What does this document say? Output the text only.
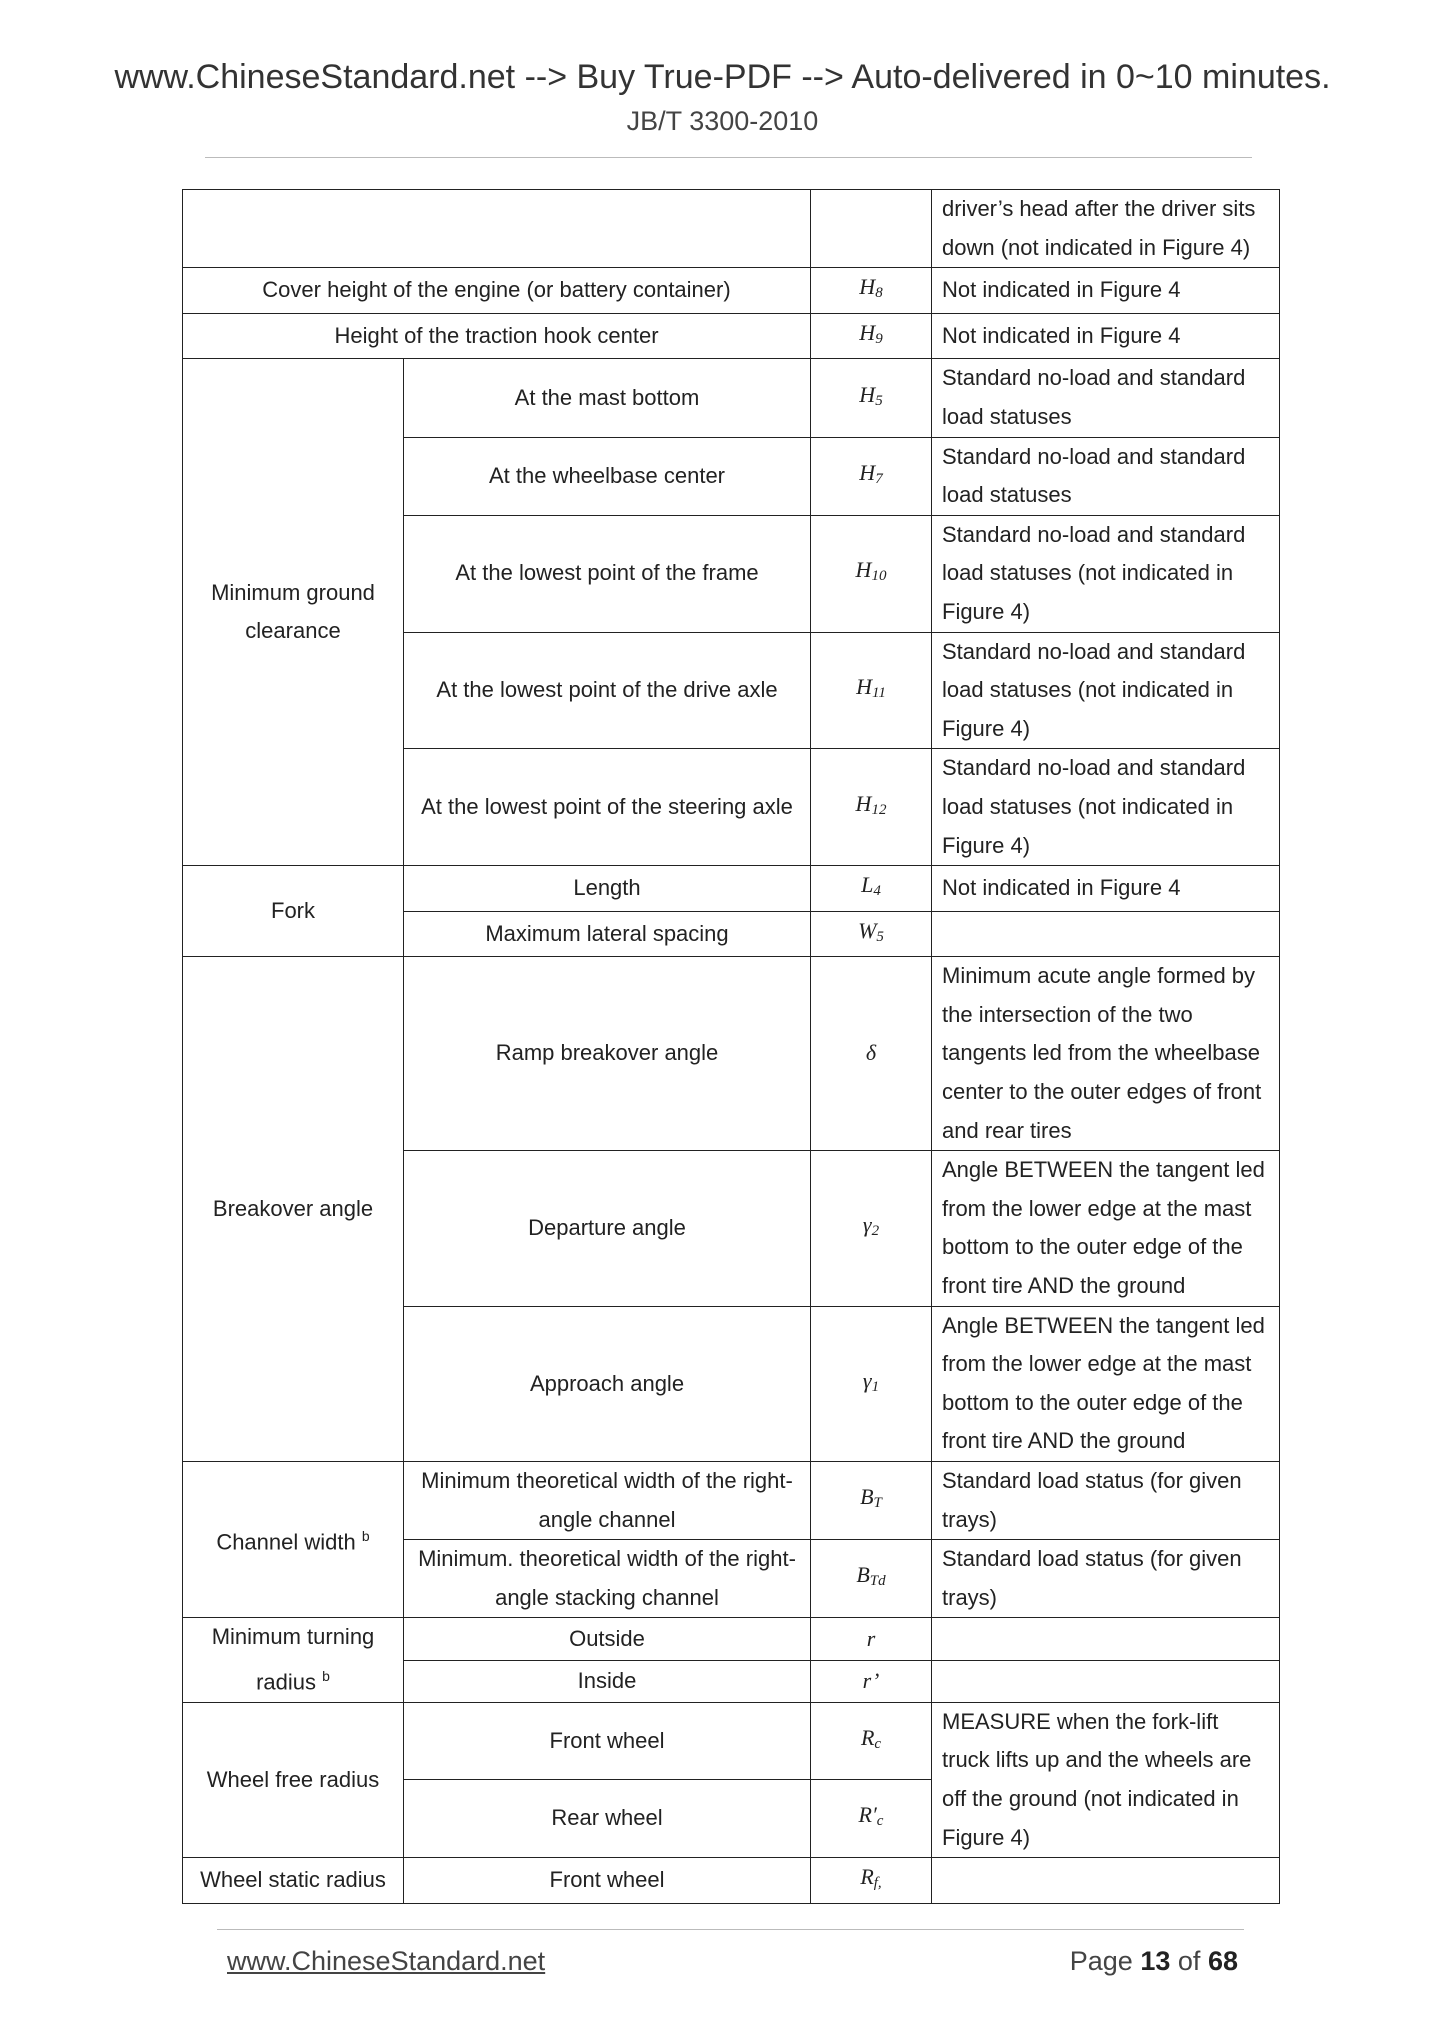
www.ChineseStandard.net --> Buy True-PDF --> Auto-delivered in 0~10 minutes.
JB/T 3300-2010
			driver’s head after the driver sits down (not indicated in Figure 4)
Cover height of the engine (or battery container)		$H_8$	Not indicated in Figure 4
Height of the traction hook center		$H_9$	Not indicated in Figure 4
Minimum ground clearance	At the mast bottom	$H_5$	Standard no-load and standard load statuses
	At the wheelbase center	$H_7$	Standard no-load and standard load statuses
	At the lowest point of the frame	$H_{10}$	Standard no-load and standard load statuses (not indicated in Figure 4)
	At the lowest point of the drive axle	$H_{11}$	Standard no-load and standard load statuses (not indicated in Figure 4)
	At the lowest point of the steering axle	$H_{12}$	Standard no-load and standard load statuses (not indicated in Figure 4)
Fork	Length	$L_4$	Not indicated in Figure 4
	Maximum lateral spacing	$W_5$	
Breakover angle	Ramp breakover angle	δ	Minimum acute angle formed by the intersection of the two tangents led from the wheelbase center to the outer edges of front and rear tires
	Departure angle	$\gamma_2$	Angle BETWEEN the tangent led from the lower edge at the mast bottom to the outer edge of the front tire AND the ground
	Approach angle	$\gamma_1$	Angle BETWEEN the tangent led from the lower edge at the mast bottom to the outer edge of the front tire AND the ground
Channel width $^b$	Minimum theoretical width of the right-angle channel	$B_T$	Standard load status (for given trays)
	Minimum. theoretical width of the right-angle stacking channel	$B_{Td}$	Standard load status (for given trays)
Minimum turning radius $^b$	Outside	r	
	Inside	r’	
Wheel free radius	Front wheel	$R_c$	MEASURE when the fork-lift truck lifts up and the wheels are off the ground (not indicated in Figure 4)
	Rear wheel	$R'_c$
Wheel static radius	Front wheel	$R_{f,}$	
www.ChineseStandard.net	Page 13 of 68
